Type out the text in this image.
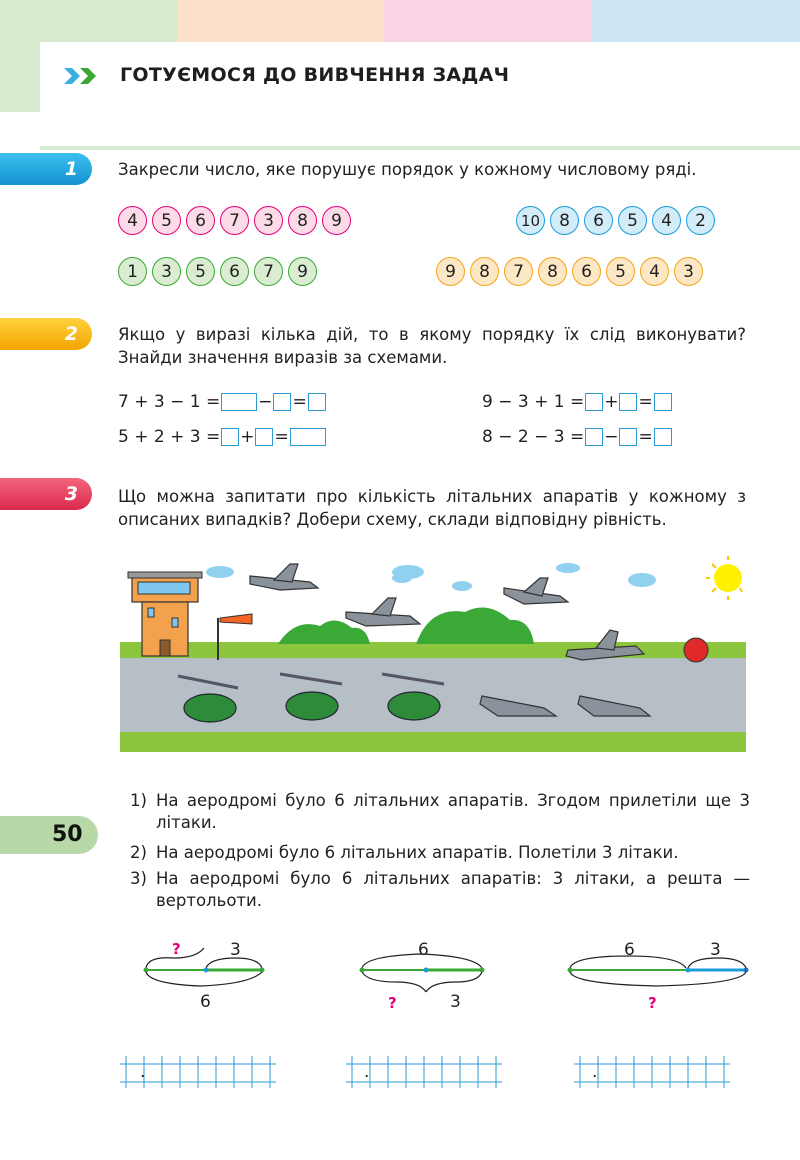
ГОТУЄМОСЯ ДО ВИВЧЕННЯ ЗАДАЧ
1	Закресли число, яке порушує порядок у кожному числовому ряді.
4	5	6	7	3	8	9	10	8	6	5	4	2
1	3	5	6	7	9	9	8	7	8	6	5	4	3
2	Якщо у виразі кілька дій, то в якому порядку їх слід виконувати? Знайди значення виразів за схемами.
7 + 3 − 1 = − =	9 − 3 + 1 = + =
5 + 2 + 3 = + =	8 − 2 − 3 = − =
3	Що можна запитати про кількість літальних апаратів у кожному з описаних випадків? Добери схему, склади відповідну рівність.
1) На аеродромі було 6 літальних апаратів. Згодом прилетіли ще 3 літаки.
2) На аеродромі було 6 літальних апаратів. Полетіли 3 літаки.
3) На аеродромі було 6 літальних апаратів: 3 літаки, а решта — вертольоти.
?	3
6
6
?	3
6	3
?
.	.	.
50
